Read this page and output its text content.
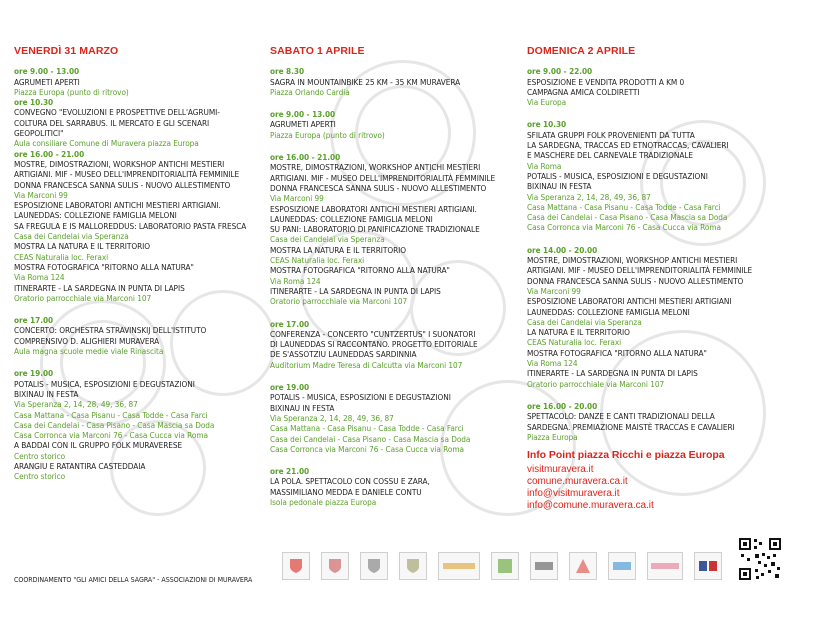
VENERDÌ 31 MARZO
ore 9.00 - 13.00
AGRUMETI APERTI
Piazza Europa (punto di ritrovo)
ore 10.30
CONVEGNO "EVOLUZIONI E PROSPETTIVE DELL'AGRUMI-
COLTURA DEL SARRABUS. IL MERCATO E GLI SCENARI
GEOPOLITICI"
Aula consiliare Comune di Muravera piazza Europa
ore 16.00 - 21.00
MOSTRE, DIMOSTRAZIONI, WORKSHOP ANTICHI MESTIERI
ARTIGIANI. MIF - MUSEO DELL'IMPRENDITORIALITÀ FEMMINILE
DONNA FRANCESCA SANNA SULIS - NUOVO ALLESTIMENTO
Via Marconi 99
ESPOSIZIONE LABORATORI ANTICHI MESTIERI ARTIGIANI.
LAUNEDDAS: COLLEZIONE FAMIGLIA MELONI
SA FREGULA E IS MALLOREDDUS: LABORATORIO PASTA FRESCA
Casa dei Candelai via Speranza
MOSTRA LA NATURA E IL TERRITORIO
CEAS Naturalia loc. Feraxi
MOSTRA FOTOGRAFICA "RITORNO ALLA NATURA"
Via Roma 124
ITINERARTE - LA SARDEGNA IN PUNTA DI LAPIS
Oratorio parrocchiale via Marconi 107
ore 17.00
CONCERTO: ORCHESTRA STRAVINSKIJ DELL'ISTITUTO
COMPRENSIVO D. ALIGHIERI MURAVERA
Aula magna scuole medie viale Rinascita
ore 19.00
POTALIS - MUSICA, ESPOSIZIONI E DEGUSTAZIONI
BIXINAU IN FESTA
Via Speranza 2, 14, 28, 49, 36, 87
Casa Mattana - Casa Pisanu - Casa Todde - Casa Farci
Casa dei Candelai - Casa Pisano - Casa Mascia sa Doda
Casa Corronca via Marconi 76 - Casa Cucca via Roma
A BADDAI CON IL GRUPPO FOLK MURAVERESE
Centro storico
ARANGIU E RATANTIRA CASTEDDAIA
Centro storico
SABATO 1 APRILE
ore 8.30
SAGRA IN MOUNTAINBIKE 25 KM - 35 KM MURAVERA
Piazza Orlando Cardia
ore 9.00 - 13.00
AGRUMETI APERTI
Piazza Europa (punto di ritrovo)
ore 16.00 - 21.00
MOSTRE, DIMOSTRAZIONI, WORKSHOP ANTICHI MESTIERI
ARTIGIANI. MIF - MUSEO DELL'IMPRENDITORIALITÀ FEMMINILE
DONNA FRANCESCA SANNA SULIS - NUOVO ALLESTIMENTO
Via Marconi 99
ESPOSIZIONE LABORATORI ANTICHI MESTIERI ARTIGIANI.
LAUNEDDAS: COLLEZIONE FAMIGLIA MELONI
SU PANI: LABORATORIO DI PANIFICAZIONE TRADIZIONALE
Casa dei Candelai via Speranza
MOSTRA LA NATURA E IL TERRITORIO
CEAS Naturalia loc. Feraxi
MOSTRA FOTOGRAFICA "RITORNO ALLA NATURA"
Via Roma 124
ITINERARTE - LA SARDEGNA IN PUNTA DI LAPIS
Oratorio parrocchiale via Marconi 107
ore 17.00
CONFERENZA - CONCERTO "CUNTZERTUS" I SUONATORI
DI LAUNEDDAS SI RACCONTANO. PROGETTO EDITORIALE
DE S'ASSOTZIU LAUNEDDAS SARDINNIA
Auditorium Madre Teresa di Calcutta via Marconi 107
ore 19.00
POTALIS - MUSICA, ESPOSIZIONI E DEGUSTAZIONI
BIXINAU IN FESTA
Via Speranza 2, 14, 28, 49, 36, 87
Casa Mattana - Casa Pisanu - Casa Todde - Casa Farci
Casa dei Candelai - Casa Pisano - Casa Mascia sa Doda
Casa Corronca via Marconi 76 - Casa Cucca via Roma
ore 21.00
LA POLA. SPETTACOLO CON COSSU E ZARA,
MASSIMILIANO MEDDA E DANIELE CONTU
Isola pedonale piazza Europa
DOMENICA 2 APRILE
ore 9.00 - 22.00
ESPOSIZIONE E VENDITA PRODOTTI A KM 0
CAMPAGNA AMICA COLDIRETTI
Via Europa
ore 10.30
SFILATA GRUPPI FOLK PROVENIENTI DA TUTTA
LA SARDEGNA, TRACCAS ED ETNOTRACCAS, CAVALIERI
E MASCHERE DEL CARNEVALE TRADIZIONALE
Via Roma
POTALIS - MUSICA, ESPOSIZIONI E DEGUSTAZIONI
BIXINAU IN FESTA
Via Speranza 2, 14, 28, 49, 36, 87
Casa Mattana - Casa Pisanu - Casa Todde - Casa Farci
Casa dei Candelai - Casa Pisano - Casa Mascia sa Doda
Casa Corronca via Marconi 76 - Casa Cucca via Roma
ore 14.00 - 20.00
MOSTRE, DIMOSTRAZIONI, WORKSHOP ANTICHI MESTIERI
ARTIGIANI. MIF - MUSEO DELL'IMPRENDITORIALITÀ FEMMINILE
DONNA FRANCESCA SANNA SULIS - NUOVO ALLESTIMENTO
Via Marconi 99
ESPOSIZIONE LABORATORI ANTICHI MESTIERI ARTIGIANI
LAUNEDDAS: COLLEZIONE FAMIGLIA MELONI
Casa dei Candelai via Speranza
LA NATURA E IL TERRITORIO
CEAS Naturalia loc. Feraxi
MOSTRA FOTOGRAFICA "RITORNO ALLA NATURA"
Via Roma 124
ITINERARTE - LA SARDEGNA IN PUNTA DI LAPIS
Oratorio parrocchiale via Marconi 107
ore 16.00 - 20.00
SPETTACOLO: DANZE E CANTI TRADIZIONALI DELLA
SARDEGNA. PREMIAZIONE MAISTÈ TRACCAS E CAVALIERI
Piazza Europa
Info Point piazza Ricchi e piazza Europa
visitmuravera.it
comune.muravera.ca.it
info@visitmuravera.it
info@comune.muravera.ca.it
COORDINAMENTO "GLI AMICI DELLA SAGRA" - ASSOCIAZIONI DI MURAVERA
